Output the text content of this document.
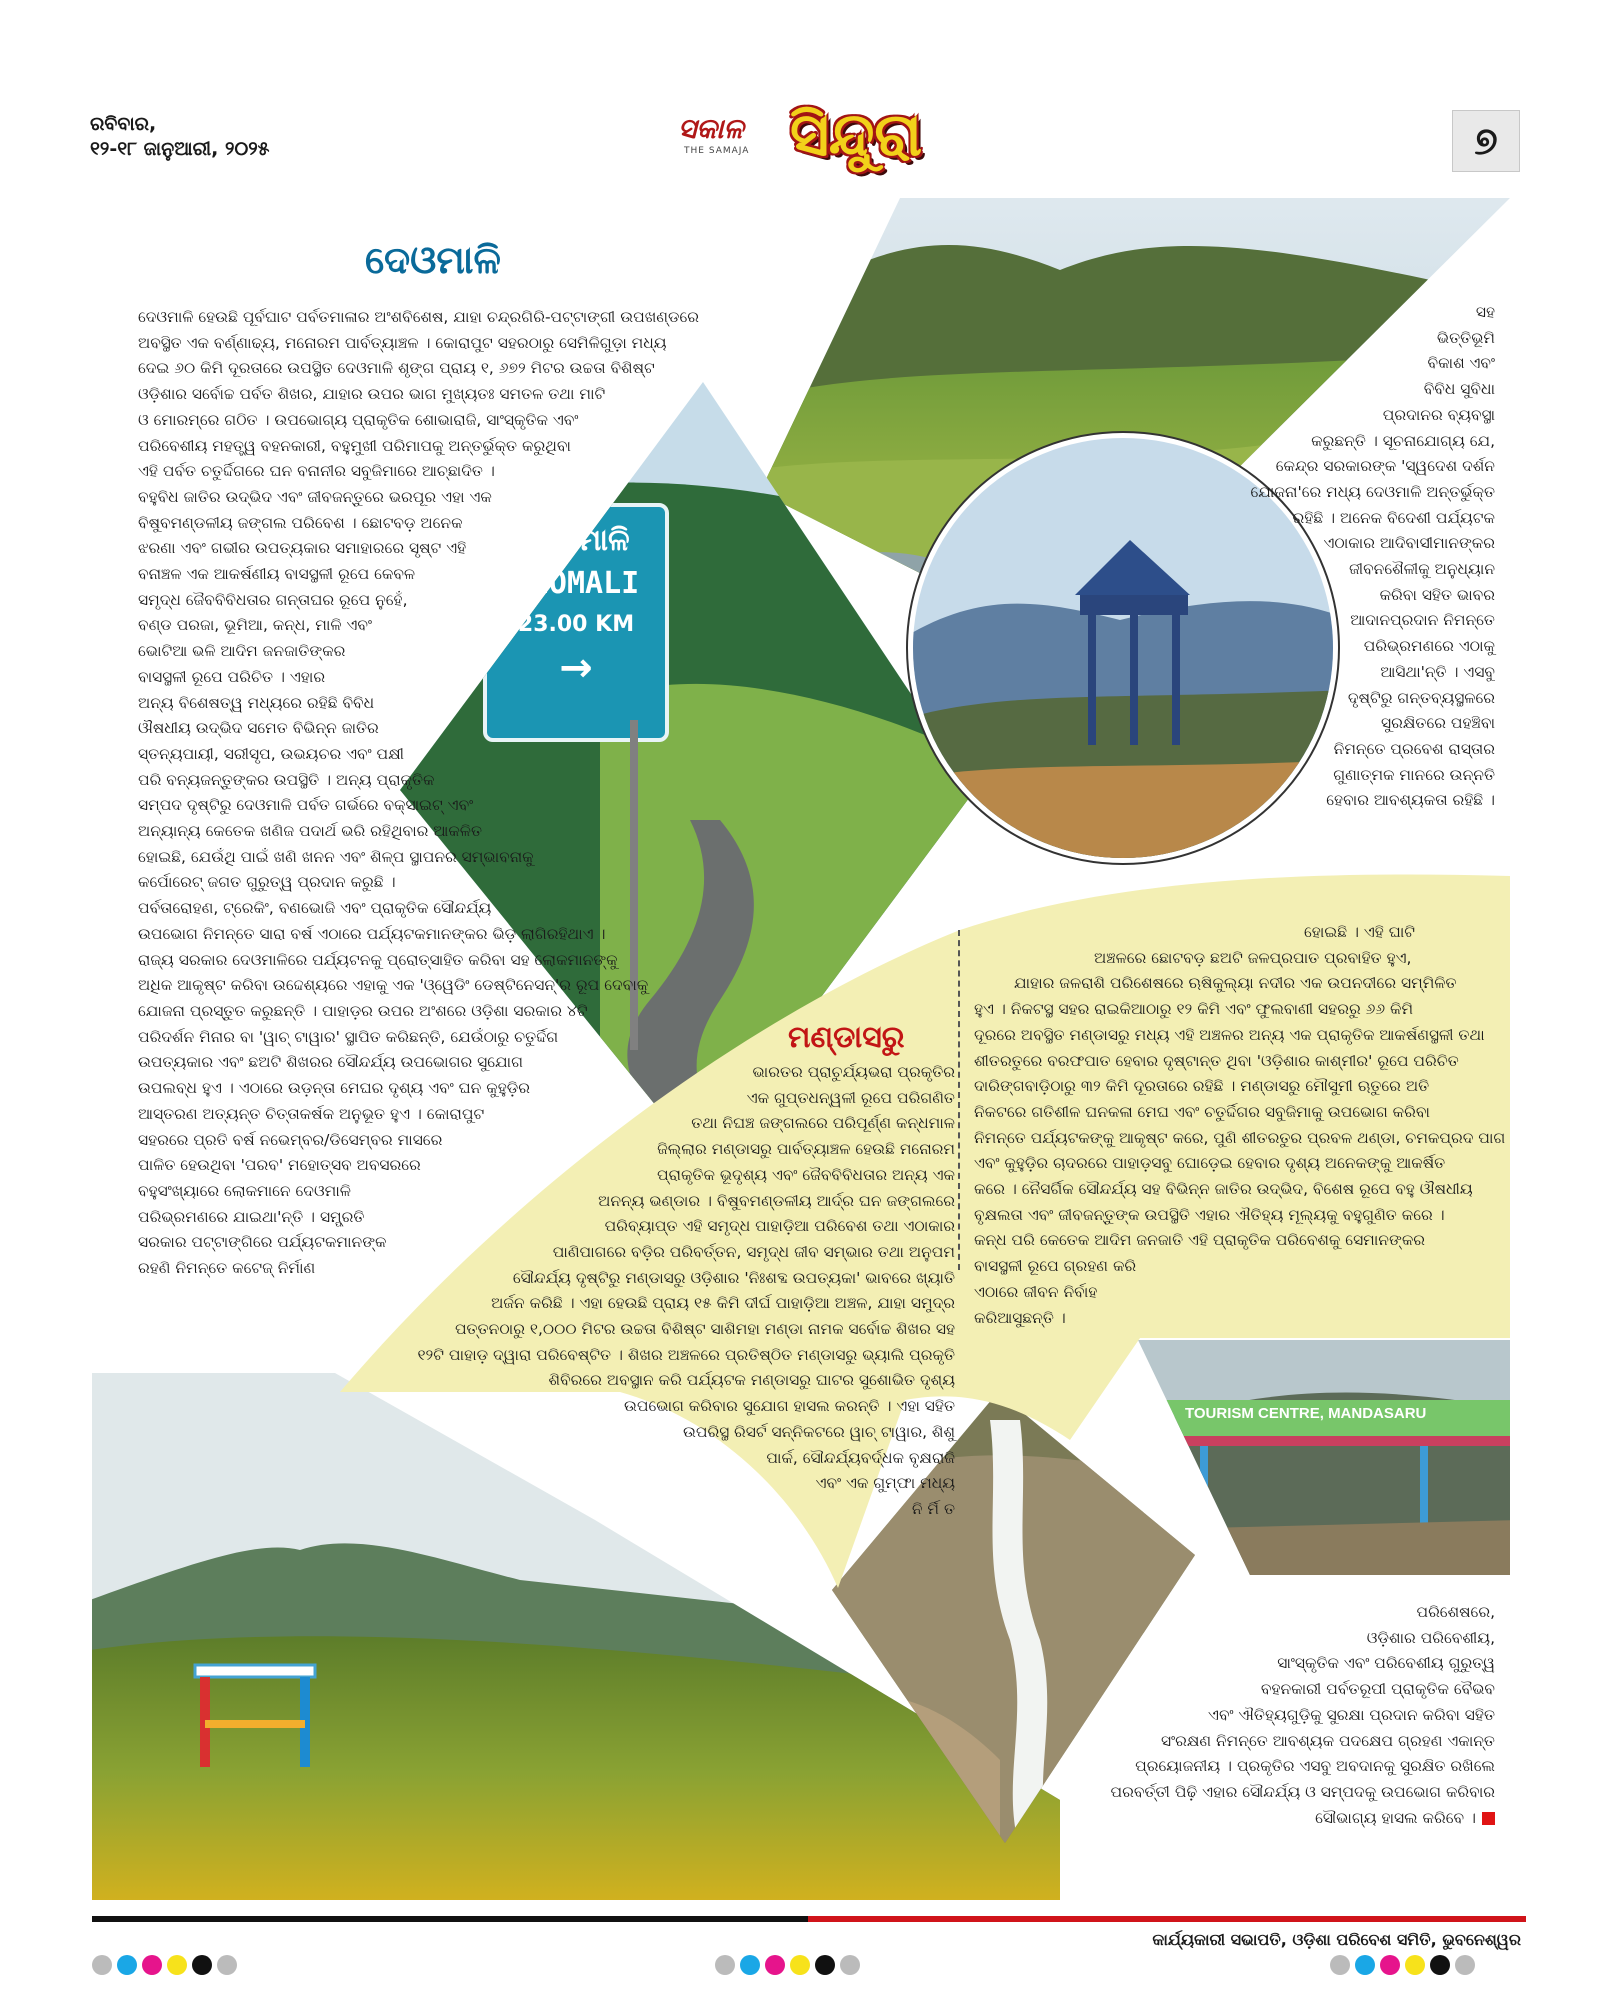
ରବିବାର,
୧୨-୧୮ ଜାନୁଆରୀ, ୨୦୨୫
ସକାଳ
THE SAMAJA ସିନ୍ଦୁରା	୭
ଦେଓମାଳି
DEOMALI
23.00 KM
→
TOURISM CENTRE, MANDASARU
ଦେଓମାଳି
ଦେଓମାଳି ହେଉଛି ପୂର୍ବଘାଟ ପର୍ବତମାଳାର ଅଂଶବିଶେଷ, ଯାହା ଚନ୍ଦ୍ରଗିରି-ପଟ୍ଟାଙ୍ଗୀ ଉପଖଣ୍ଡରେ
ଅବସ୍ଥିତ ଏକ ବର୍ଣ୍ଣାଢ୍ୟ, ମନୋରମ ପାର୍ବତ୍ୟାଞ୍ଚଳ । କୋରାପୁଟ ସହରଠାରୁ ସେମିଳିଗୁଡ଼ା ମଧ୍ୟ
ଦେଇ ୬୦ କିମି ଦୂରତାରେ ଉପସ୍ଥିତ ଦେଓମାଳି ଶୃଙ୍ଗ ପ୍ରାୟ ୧, ୬୭୨ ମିଟର ଉଚ୍ଚତା ବିଶିଷ୍ଟ
ଓଡ଼ିଶାର ସର୍ବୋଚ୍ଚ ପର୍ବତ ଶିଖର, ଯାହାର ଉପର ଭାଗ ମୁଖ୍ୟତଃ ସମତଳ ତଥା ମାଟି
ଓ ମୋରମ୍‌ରେ ଗଠିତ । ଉପଭୋଗ୍ୟ ପ୍ରାକୃତିକ ଶୋଭାରାଜି, ସାଂସ୍କୃତିକ ଏବଂ
ପରିବେଶୀୟ ମହତ୍ତ୍ୱ ବହନକାରୀ, ବହୁମୁଖୀ ପରିମାପକୁ ଅନ୍ତର୍ଭୁକ୍ତ କରୁଥିବା
ଏହି ପର୍ବତ ଚତୁର୍ଦ୍ଦିଗରେ ଘନ ବନାନୀର ସବୁଜିମାରେ ଆଚ୍ଛାଦିତ ।
ବହୁବିଧ ଜାତିର ଉଦ୍ଭିଦ ଏବଂ ଜୀବଜନ୍ତୁରେ ଭରପୂର ଏହା ଏକ
ବିଷୁବମଣ୍ଡଳୀୟ ଜଙ୍ଗଲ ପରିବେଶ । ଛୋଟବଡ଼ ଅନେକ
ଝରଣା ଏବଂ ଗଭୀର ଉପତ୍ୟକାର ସମାହାରରେ ସୃଷ୍ଟ ଏହି
ବନାଞ୍ଚଳ ଏକ ଆକର୍ଷଣୀୟ ବାସସ୍ଥଳୀ ରୂପେ କେବଳ
ସମୃଦ୍ଧ ଜୈବବିବିଧତାର ଗନ୍ତାଘର ରୂପେ ନୁହେଁ,
ବଣ୍ଡ ପରଜା, ଭୂମିଆ, କନ୍ଧ, ମାଳି ଏବଂ
ଭୋଟିଆ ଭଳି ଆଦିମ ଜନଜାତିଙ୍କର
ବାସସ୍ଥଳୀ ରୂପେ ପରିଚିତ । ଏହାର
ଅନ୍ୟ ବିଶେଷତ୍ୱ ମଧ୍ୟରେ ରହିଛି ବିବିଧ
ଔଷଧୀୟ ଉଦ୍ଭିଦ ସମେତ ବିଭିନ୍ନ ଜାତିର
ସ୍ତନ୍ୟପାୟୀ, ସରୀସୃପ, ଉଭୟଚର ଏବଂ ପକ୍ଷୀ
ପରି ବନ୍ୟଜନ୍ତୁଙ୍କର ଉପସ୍ଥିତି । ଅନ୍ୟ ପ୍ରାକୃତିକ
ସମ୍ପଦ ଦୃଷ୍ଟିରୁ ଦେଓମାଳି ପର୍ବତ ଗର୍ଭରେ ବକ୍ସାଇଟ୍ ଏବଂ
ଅନ୍ୟାନ୍ୟ କେତେକ ଖଣିଜ ପଦାର୍ଥ ଭରି ରହିଥିବାର ଆକଳିତ
ହୋଇଛି, ଯେଉଁଥି ପାଇଁ ଖଣି ଖନନ ଏବଂ ଶିଳ୍ପ ସ୍ଥାପନର ସମ୍ଭାବନାକୁ
କର୍ପୋରେଟ୍ ଜଗତ ଗୁରୁତ୍ୱ ପ୍ରଦାନ କରୁଛି ।
ପର୍ବତାରୋହଣ, ଟ୍ରେକିଂ, ବଣଭୋଜି ଏବଂ ପ୍ରାକୃତିକ ସୌନ୍ଦର୍ଯ୍ୟ
ଉପଭୋଗ ନିମନ୍ତେ ସାରା ବର୍ଷ ଏଠାରେ ପର୍ଯ୍ୟଟକମାନଙ୍କର ଭିଡ଼ ଲାଗିରହିଥାଏ ।
ରାଜ୍ୟ ସରକାର ଦେଓମାଳିରେ ପର୍ଯ୍ୟଟନକୁ ପ୍ରୋତ୍ସାହିତ କରିବା ସହ ଲୋକମାନଙ୍କୁ
ଅଧିକ ଆକୃଷ୍ଟ କରିବା ଉଦ୍ଦେଶ୍ୟରେ ଏହାକୁ ଏକ 'ଓ୍ୱେଡିଂ ଡେଷ୍ଟିନେସନ୍'ର ରୂପ ଦେବାକୁ
ଯୋଜନା ପ୍ରସ୍ତୁତ କରୁଛନ୍ତି । ପାହାଡ଼ର ଉପର ଅଂଶରେ ଓଡ଼ିଶା ସରକାର ୪ଟି
ପରିଦର୍ଶନ ମିନାର ବା 'ୱାଚ୍ ଟାୱାର' ସ୍ଥାପିତ କରିଛନ୍ତି, ଯେଉଁଠାରୁ ଚତୁର୍ଦ୍ଦିଗ
ଉପତ୍ୟକାର ଏବଂ ଛଅଟି ଶିଖରର ସୌନ୍ଦର୍ଯ୍ୟ ଉପଭୋଗର ସୁଯୋଗ
ଉପଲବ୍ଧ ହୁଏ । ଏଠାରେ ଉଡ଼ନ୍ତା ମେଘର ଦୃଶ୍ୟ ଏବଂ ଘନ କୁହୁଡ଼ିର
ଆସ୍ତରଣ ଅତ୍ୟନ୍ତ ଚିତ୍ତାକର୍ଷକ ଅନୁଭୂତ ହୁଏ । କୋରାପୁଟ
ସହରରେ ପ୍ରତି ବର୍ଷ ନଭେମ୍ବର/ଡିସେମ୍ବର ମାସରେ
ପାଳିତ ହେଉଥିବା 'ପରବ' ମହୋତ୍ସବ ଅବସରରେ
ବହୁସଂଖ୍ୟାରେ ଲୋକମାନେ ଦେଓମାଳି
ପରିଭ୍ରମଣରେ ଯାଇଥା'ନ୍ତି । ସମ୍ପ୍ରତି
ସରକାର ପଟ୍ଟାଙ୍ଗିରେ ପର୍ଯ୍ୟଟକମାନଙ୍କ
ରହଣି ନିମନ୍ତେ କଟେଜ୍ ନିର୍ମାଣ
ସହ
ଭିତ୍ତିଭୂମି
ବିକାଶ ଏବଂ
ବିବିଧ ସୁବିଧା
ପ୍ରଦାନର ବ୍ୟବସ୍ଥା
କରୁଛନ୍ତି । ସୂଚନାଯୋଗ୍ୟ ଯେ,
କେନ୍ଦ୍ର ସରକାରଙ୍କ 'ସ୍ୱଦେଶ ଦର୍ଶନ
ଯୋଜନା'ରେ ମଧ୍ୟ ଦେଓମାଳି ଅନ୍ତର୍ଭୁକ୍ତ
ରହିଛି । ଅନେକ ବିଦେଶୀ ପର୍ଯ୍ୟଟକ
ଏଠାକାର ଆଦିବାସୀମାନଙ୍କର
ଜୀବନଶୈଳୀକୁ ଅନୁଧ୍ୟାନ
କରିବା ସହିତ ଭାବର
ଆଦାନପ୍ରଦାନ ନିମନ୍ତେ
ପରିଭ୍ରମଣରେ ଏଠାକୁ
ଆସିଥା'ନ୍ତି । ଏସବୁ
ଦୃଷ୍ଟିରୁ ଗନ୍ତବ୍ୟସ୍ଥଳରେ
ସୁରକ୍ଷିତରେ ପହଞ୍ଚିବା
ନିମନ୍ତେ ପ୍ରବେଶ ରାସ୍ତାର
ଗୁଣାତ୍ମକ ମାନରେ ଉନ୍ନତି
ହେବାର ଆବଶ୍ୟକତା ରହିଛି ।
ମଣ୍ଡାସରୁ
ହୋଇଛି । ଏହି ଘାଟି
ଅଞ୍ଚଳରେ ଛୋଟବଡ଼ ଛଅଟି ଜଳପ୍ରପାତ ପ୍ରବାହିତ ହୁଏ,
ଯାହାର ଜଳରାଶି ପରିଶେଷରେ ଋଷିକୁଲ୍ୟା ନଦୀର ଏକ ଉପନଦୀରେ ସମ୍ମିଳିତ
ହୁଏ । ନିକଟସ୍ଥ ସହର ରାଇକିଆଠାରୁ ୧୨ କିମି ଏବଂ ଫୁଲବାଣୀ ସହରରୁ ୬୬ କିମି
ଦୂରରେ ଅବସ୍ଥିତ ମଣ୍ଡାସରୁ ମଧ୍ୟ ଏହି ଅଞ୍ଚଳର ଅନ୍ୟ ଏକ ପ୍ରାକୃତିକ ଆକର୍ଷଣସ୍ଥଳୀ ତଥା
ଶୀତରତୁରେ ବରଫପାତ ହେବାର ଦୃଷ୍ଟାନ୍ତ ଥିବା 'ଓଡ଼ିଶାର କାଶ୍ମୀର' ରୂପେ ପରିଚିତ
ଦାରିଙ୍ଗବାଡ଼ିଠାରୁ ୩୨ କିମି ଦୂରତାରେ ରହିଛି । ମଣ୍ଡାସରୁ ମୌସୁମୀ ଋତୁରେ ଅତି
ନିକଟରେ ଗତିଶୀଳ ଘନକଳା ମେଘ ଏବଂ ଚତୁର୍ଦ୍ଦିଗର ସବୁଜିମାକୁ ଉପଭୋଗ କରିବା
ନିମନ୍ତେ ପର୍ଯ୍ୟଟକଙ୍କୁ ଆକୃଷ୍ଟ କରେ, ପୁଣି ଶୀତରତୁର ପ୍ରବଳ ଥଣ୍ଡା, ଚମକପ୍ରଦ ପାଗ
ଏବଂ କୁହୁଡ଼ିର ଚାଦରରେ ପାହାଡ଼ସବୁ ଘୋଡ଼େଇ ହେବାର ଦୃଶ୍ୟ ଅନେକଙ୍କୁ ଆକର୍ଷିତ
କରେ । ନୈସର୍ଗିକ ସୌନ୍ଦର୍ଯ୍ୟ ସହ ବିଭିନ୍ନ ଜାତିର ଉଦ୍ଭିଦ, ବିଶେଷ ରୂପେ ବହୁ ଔଷଧୀୟ
ବୃକ୍ଷଲତା ଏବଂ ଜୀବଜନ୍ତୁଙ୍କ ଉପସ୍ଥିତି ଏହାର ଐତିହ୍ୟ ମୂଲ୍ୟକୁ ବହୁଗୁଣିତ କରେ ।
କନ୍ଧ ପରି କେତେକ ଆଦିମ ଜନଜାତି ଏହି ପ୍ରାକୃତିକ ପରିବେଶକୁ ସେମାନଙ୍କର
ବାସସ୍ଥଳୀ ରୂପେ ଗ୍ରହଣ କରି
ଏଠାରେ ଜୀବନ ନିର୍ବାହ
କରିଆସୁଛନ୍ତି ।
ଭାରତର ପ୍ରାଚୁର୍ଯ୍ୟଭରା ପ୍ରକୃତିର
ଏକ ଗୁପ୍ତଧନ୍ୱଳୀ ରୂପେ ପରିଗଣିତ
ତଥା ନିଘଞ୍ଚ ଜଙ୍ଗଲରେ ପରିପୂର୍ଣ୍ଣ କନ୍ଧମାଳ
ଜିଲ୍ଲାର ମଣ୍ଡାସରୁ ପାର୍ବତ୍ୟାଞ୍ଚଳ ହେଉଛି ମନୋରମ
ପ୍ରାକୃତିକ ଭୂଦୃଶ୍ୟ ଏବଂ ଜୈବବିବିଧତାର ଅନ୍ୟ ଏକ
ଅନନ୍ୟ ଭଣ୍ଡାର । ବିଷୁବମଣ୍ଡଳୀୟ ଆର୍ଦ୍ର ଘନ ଜଙ୍ଗଲରେ
ପରିବ୍ୟାପ୍ତ ଏହି ସମୃଦ୍ଧ ପାହାଡ଼ିଆ ପରିବେଶ ତଥା ଏଠାକାର
ପାଣିପାଗରେ ବଡ଼ିର ପରିବର୍ତ୍ତନ, ସମୃଦ୍ଧ ଜୀବ ସମ୍ଭାର ତଥା ଅନୁପମ
ସୌନ୍ଦର୍ଯ୍ୟ ଦୃଷ୍ଟିରୁ ମଣ୍ଡାସରୁ ଓଡ଼ିଶାର 'ନିଃଶବ୍ଦ ଉପତ୍ୟକା' ଭାବରେ ଖ୍ୟାତି
ଅର୍ଜନ କରିଛି । ଏହା ହେଉଛି ପ୍ରାୟ ୧୫ କିମି ଦୀର୍ଘ ପାହାଡ଼ିଆ ଅଞ୍ଚଳ, ଯାହା ସମୁଦ୍ର
ପତ୍ତନଠାରୁ ୧,୦୦୦ ମିଟର ଉଚ୍ଚତା ବିଶିଷ୍ଟ ସାଶିମହା ମଣ୍ଡା ନାମକ ସର୍ବୋଚ୍ଚ ଶିଖର ସହ
୧୨ଟି ପାହାଡ଼ ଦ୍ୱାରା ପରିବେଷ୍ଟିତ । ଶିଖର ଅଞ୍ଚଳରେ ପ୍ରତିଷ୍ଠିତ ମଣ୍ଡାସରୁ ଭ୍ୟାଲି ପ୍ରକୃତି
ଶିବିରରେ ଅବସ୍ଥାନ କରି ପର୍ଯ୍ୟଟକ ମଣ୍ଡାସରୁ ଘାଟର ସୁଶୋଭିତ ଦୃଶ୍ୟ
ଉପଭୋଗ କରିବାର ସୁଯୋଗ ହାସଲ କରନ୍ତି । ଏହା ସହିତ
ଉପରିସ୍ଥ ରିସର୍ଟ ସନ୍ନିକଟରେ ୱାଚ୍ ଟାୱାର, ଶିଶୁ
ପାର୍କ, ସୌନ୍ଦର୍ଯ୍ୟବର୍ଦ୍ଧକ ବୃକ୍ଷରାଜି
ଏବଂ ଏକ ଗୁମ୍ଫା ମଧ୍ୟ
ନି ର୍ମି ତ
ପରିଶେଷରେ,
ଓଡ଼ିଶାର ପରିବେଶୀୟ,
ସାଂସ୍କୃତିକ ଏବଂ ପରିବେଶୀୟ ଗୁରୁତ୍ୱ
ବହନକାରୀ ପର୍ବତରୂପୀ ପ୍ରାକୃତିକ ବୈଭବ
ଏବଂ ଐତିହ୍ୟଗୁଡ଼ିକୁ ସୁରକ୍ଷା ପ୍ରଦାନ କରିବା ସହିତ
ସଂରକ୍ଷଣ ନିମନ୍ତେ ଆବଶ୍ୟକ ପଦକ୍ଷେପ ଗ୍ରହଣ ଏକାନ୍ତ
ପ୍ରୟୋଜନୀୟ । ପ୍ରକୃତିର ଏସବୁ ଅବଦାନକୁ ସୁରକ୍ଷିତ ରଖିଲେ
ପରବର୍ତ୍ତୀ ପିଢ଼ି ଏହାର ସୌନ୍ଦର୍ଯ୍ୟ ଓ ସମ୍ପଦକୁ ଉପଭୋଗ କରିବାର
ସୌଭାଗ୍ୟ ହାସଲ କରିବେ ।
କାର୍ଯ୍ୟକାରୀ ସଭାପତି, ଓଡ଼ିଶା ପରିବେଶ ସମିତି, ଭୁବନେଶ୍ୱର
